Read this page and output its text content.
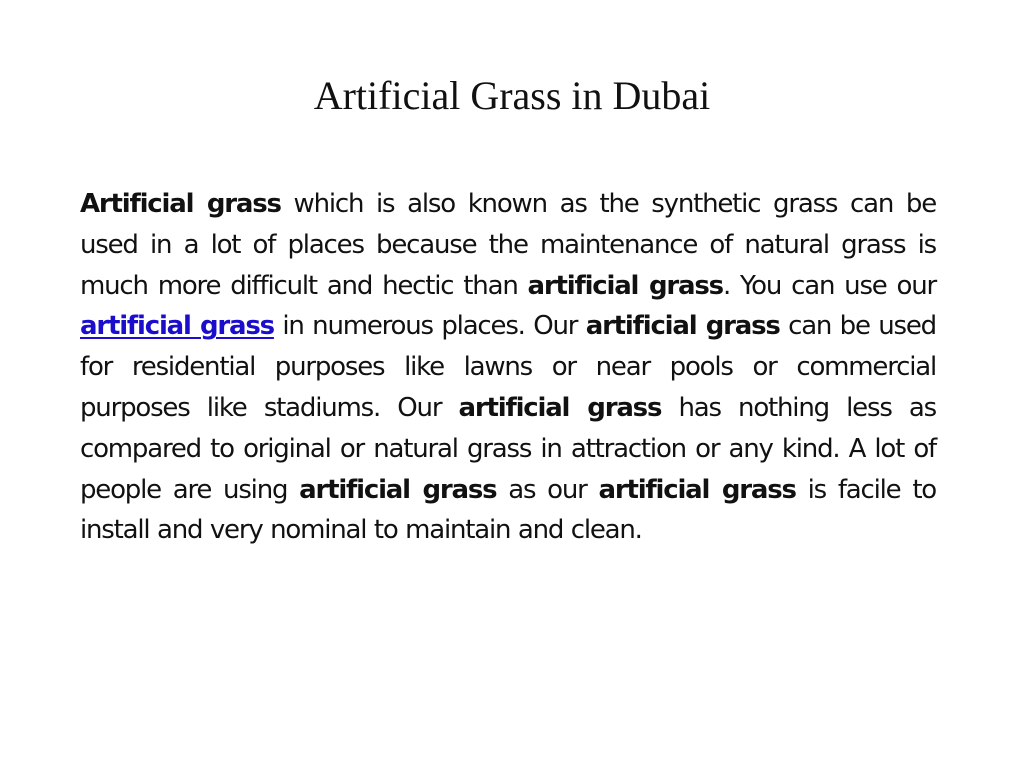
Artificial Grass in Dubai
Artificial grass which is also known as the synthetic grass can be used in a lot of places because the maintenance of natural grass is much more difficult and hectic than artificial grass. You can use our artificial grass in numerous places. Our artificial grass can be used for residential purposes like lawns or near pools or commercial purposes like stadiums. Our artificial grass has nothing less as compared to original or natural grass in attraction or any kind. A lot of people are using artificial grass as our artificial grass is facile to install and very nominal to maintain and clean.
